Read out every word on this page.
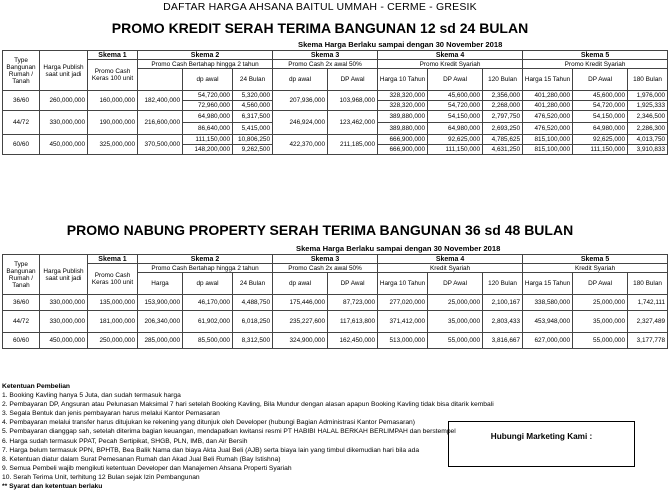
DAFTAR HARGA AHSANA BAITUL UMMAH - CERME - GRESIK
PROMO KREDIT SERAH TERIMA BANGUNAN 12 sd 24 BULAN
Skema Harga Berlaku sampai dengan 30 November 2018
Type Bangunan Rumah / Tanah	Harga Publish saat unit jadi	Skema 1	Skema 2			Skema 3		Skema 4			Skema 5		
		Promo Cash Keras 100 unit	Promo Cash Bertahap hingga 2 tahun			Promo Cash 2x awal 50%		Promo Kredit Syariah			Promo Kredit Syariah		
				dp awal	24 Bulan	dp awal	DP Awal	Harga 10 Tahun	DP Awal	120 Bulan	Harga 15 Tahun	DP Awal	180 Bulan
36/60	260,000,000	160,000,000	182,400,000	54,720,000	5,320,000	207,936,000	103,968,000	328,320,000	45,600,000	2,356,000	401,280,000	45,600,000	1,976,000
				72,960,000	4,560,000			328,320,000	54,720,000	2,268,000	401,280,000	54,720,000	1,925,333
44/72	330,000,000	190,000,000	216,600,000	64,980,000	6,317,500	246,924,000	123,462,000	389,880,000	54,150,000	2,797,750	476,520,000	54,150,000	2,346,500
				86,640,000	5,415,000			389,880,000	64,980,000	2,693,250	476,520,000	64,980,000	2,286,300
60/60	450,000,000	325,000,000	370,500,000	111,150,000	10,806,250	422,370,000	211,185,000	666,900,000	92,625,000	4,785,625	815,100,000	92,625,000	4,013,750
				148,200,000	9,262,500			666,900,000	111,150,000	4,631,250	815,100,000	111,150,000	3,910,833
PROMO NABUNG PROPERTY SERAH TERIMA BANGUNAN 36 sd 48 BULAN
Skema Harga Berlaku sampai dengan 30 November 2018
Type Bangunan Rumah / Tanah	Harga Publish saat unit jadi	Skema 1	Skema 2			Skema 3		Skema 4			Skema 5		
		Promo Cash Keras 100 unit	Promo Cash Bertahap hingga 2 tahun			Promo Cash 2x awal 50%		Kredit Syariah			Kredit Syariah		
			Harga	dp awal	24 Bulan	dp awal	DP Awal	Harga 10 Tahun	DP Awal	120 Bulan	Harga 15 Tahun	DP Awal	180 Bulan
36/60	330,000,000	135,000,000	153,900,000	46,170,000	4,488,750	175,446,000	87,723,000	277,020,000	25,000,000	2,100,167	338,580,000	25,000,000	1,742,111
44/72	330,000,000	181,000,000	206,340,000	61,902,000	6,018,250	235,227,600	117,613,800	371,412,000	35,000,000	2,803,433	453,948,000	35,000,000	2,327,489
60/60	450,000,000	250,000,000	285,000,000	85,500,000	8,312,500	324,900,000	162,450,000	513,000,000	55,000,000	3,816,667	627,000,000	55,000,000	3,177,778
Ketentuan Pembelian
1. Booking Kavling hanya 5 Juta, dan sudah termasuk harga
2. Pembayaran DP, Angsuran atau Pelunasan Maksimal 7 hari setelah Booking Kavling, Bila Mundur dengan alasan apapun Booking Kavling tidak bisa ditarik kembali
3. Segala Bentuk dan jenis pembayaran harus melalui Kantor Pemasaran
4. Pembayaran melalui transfer harus ditujukan ke rekening yang ditunjuk oleh Developer (hubungi Bagian Administrasi Kantor Pemasaran)
5. Pembayaran dianggap sah, setelah diterima bagian keuangan, mendapatkan kwitansi resmi PT HABIBI HALAL BERKAH BERLIMPAH dan berstempel
6. Harga sudah termasuk PPAT, Pecah Sertipikat, SHGB, PLN, IMB, dan Air Bersih
7. Harga belum termasuk PPN, BPHTB, Bea Balik Nama dan biaya Akta Jual Beli (AJB) serta biaya lain yang timbul dikemudian hari bila ada
8. Ketentuan diatur dalam Surat Pemesanan Rumah dan Akad Jual Beli Rumah (Bay Istishna)
9. Semua Pembeli wajib mengikuti ketentuan Developer dan Manajemen Ahsana Properti Syariah
10. Serah Terima Unit, terhitung 12 Bulan sejak Izin Pembangunan
** Syarat dan ketentuan berlaku
Hubungi Marketing Kami :
